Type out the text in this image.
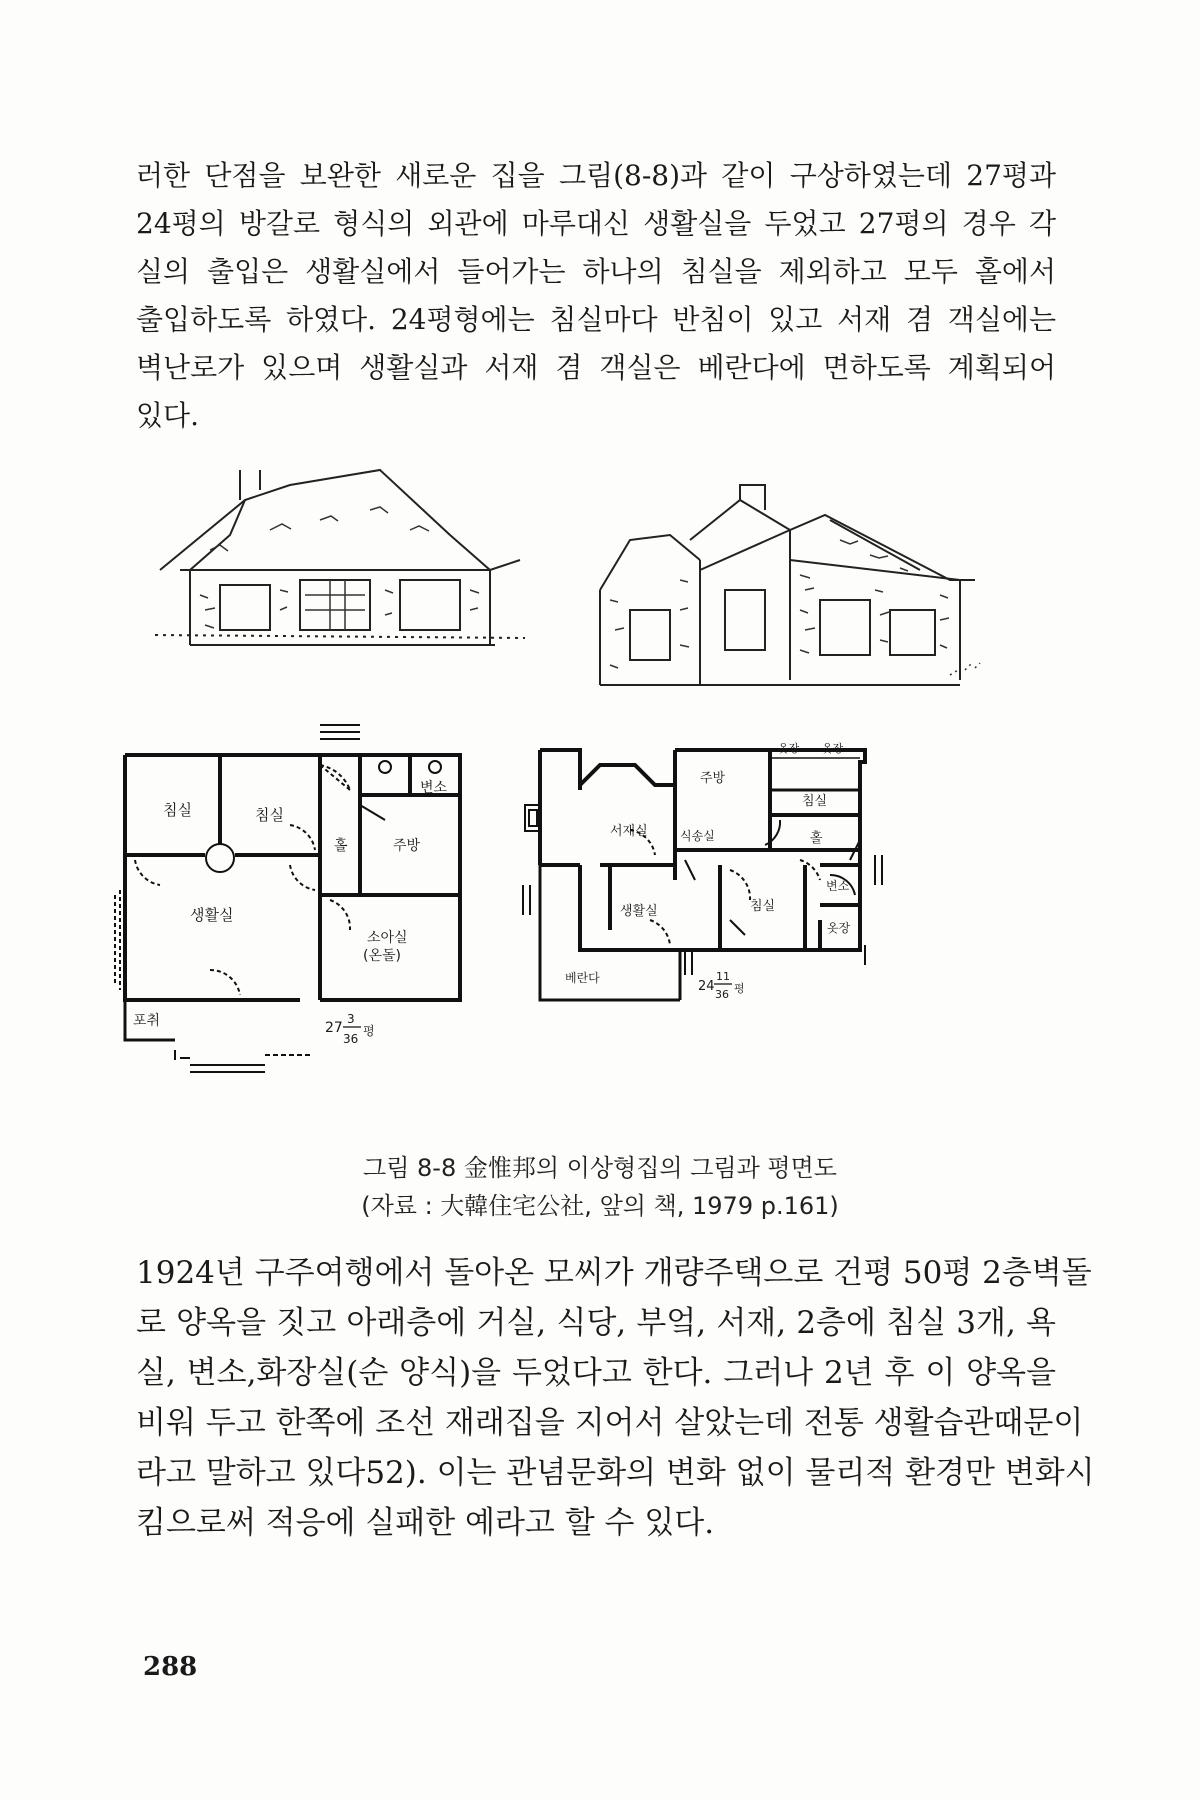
러한 단점을 보완한 새로운 집을 그림(8-8)과 같이 구상하였는데 27평과
24평의 방갈로 형식의 외관에 마루대신 생활실을 두었고 27평의 경우 각
실의 출입은 생활실에서 들어가는 하나의 침실을 제외하고 모두 홀에서
출입하도록 하였다. 24평형에는 침실마다 반침이 있고 서재 겸 객실에는
벽난로가 있으며 생활실과 서재 겸 객실은 베란다에 면하도록 계획되어
있다.
침실	침실
변소
홀	주방
생활실
소아실
(온돌)
포취	27
3
36
평
옷장 옷장
주방
침실
서재실	식송실	홀
변소
생활실	침실
옷장
베란다
24
11
36 평
그림 8-8 金惟邦의 이상형집의 그림과 평면도
(자료 : 大韓住宅公社, 앞의 책, 1979 p.161)
1924년 구주여행에서 돌아온 모씨가 개량주택으로 건평 50평 2층벽돌
로 양옥을 짓고 아래층에 거실, 식당, 부엌, 서재, 2층에 침실 3개, 욕
실, 변소,화장실(순 양식)을 두었다고 한다. 그러나 2년 후 이 양옥을
비워 두고 한쪽에 조선 재래집을 지어서 살았는데 전통 생활습관때문이
라고 말하고 있다52). 이는 관념문화의 변화 없이 물리적 환경만 변화시
킴으로써 적응에 실패한 예라고 할 수 있다.
288
